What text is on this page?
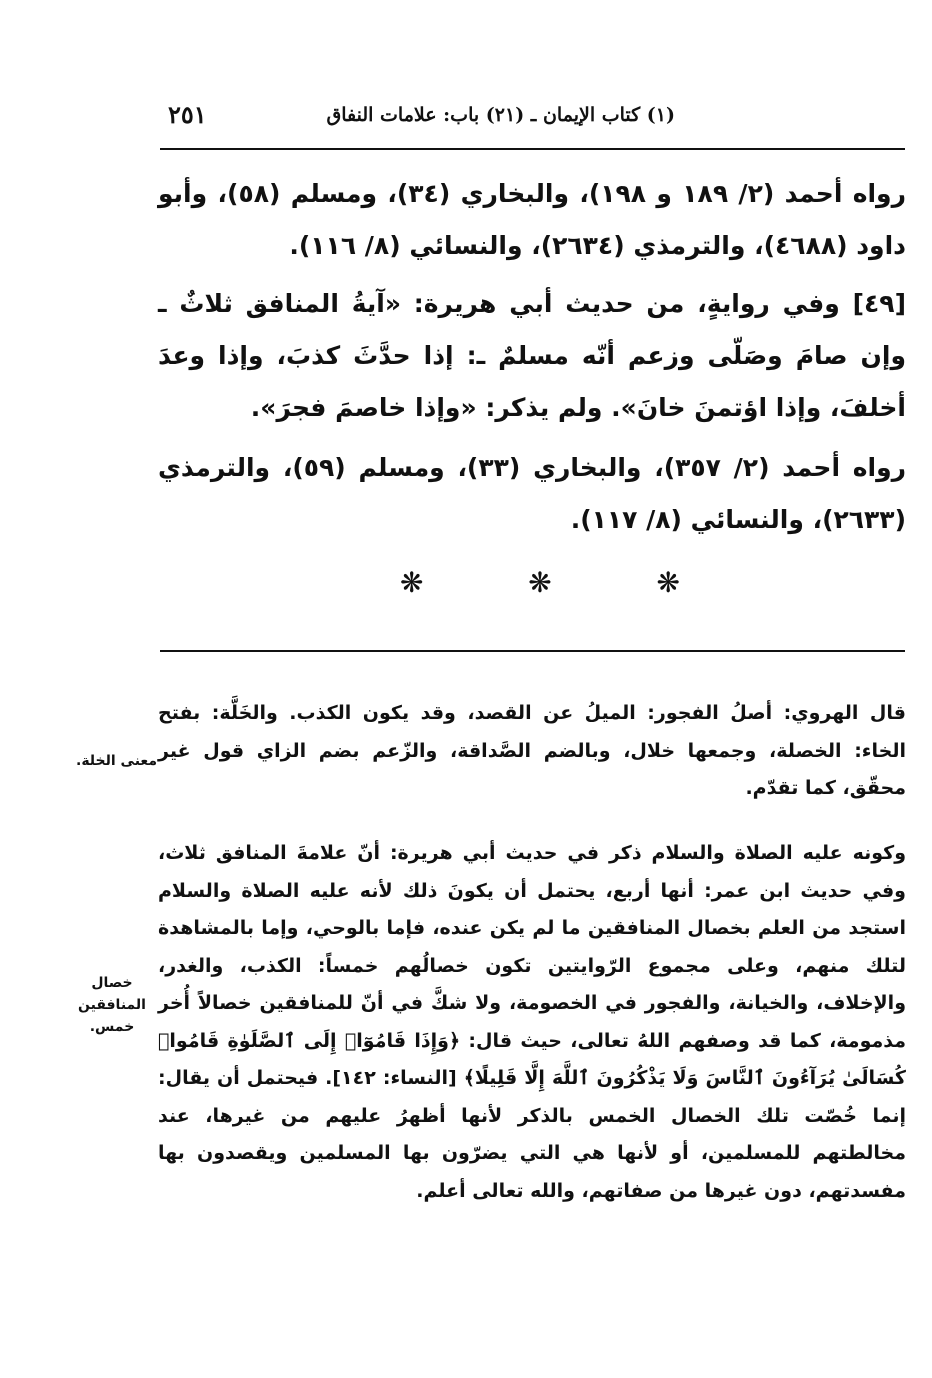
٢٥١	(١) كتاب الإيمان ـ (٢١) باب: علامات النفاق
رواه أحمد (٢/ ١٨٩ و ١٩٨)، والبخاري (٣٤)، ومسلم (٥٨)، وأبو داود (٤٦٨٨)، والترمذي (٢٦٣٤)، والنسائي (٨/ ١١٦).
[٤٩] وفي روايةٍ، من حديث أبي هريرة: «آيةُ المنافق ثلاثٌ ـ وإن صامَ وصَلّى وزعم أنّه مسلمٌ ـ: إذا حدَّثَ كذبَ، وإذا وعدَ أخلفَ، وإذا اؤتمنَ خانَ». ولم يذكر: «وإذا خاصمَ فجرَ».
رواه أحمد (٢/ ٣٥٧)، والبخاري (٣٣)، ومسلم (٥٩)، والترمذي (٢٦٣٣)، والنسائي (٨/ ١١٧).
❋	❋	❋
قال الهروي: أصلُ الفجور: الميلُ عن القصد، وقد يكون الكذب. والخَلَّة: بفتح الخاء: الخصلة، وجمعها خلال، وبالضم الصَّداقة، والزّعم بضم الزاي قول غير محقّق، كما تقدّم.
وكونه عليه الصلاة والسلام ذكر في حديث أبي هريرة: أنّ علامةَ المنافق ثلاث، وفي حديث ابن عمر: أنها أربع، يحتمل أن يكونَ ذلك لأنه عليه الصلاة والسلام استجد من العلم بخصال المنافقين ما لم يكن عنده، فإما بالوحي، وإما بالمشاهدة لتلك منهم، وعلى مجموع الرّوايتين تكون خصالُهم خمساً: الكذب، والغدر، والإخلاف، والخيانة، والفجور في الخصومة، ولا شكَّ في أنّ للمنافقين خصالاً أُخر مذمومة، كما قد وصفهم اللهُ تعالى، حيث قال: ﴿وَإِذَا قَامُوٓا۟ إِلَى ٱلصَّلَوٰةِ قَامُوا۟ كُسَالَىٰ يُرَآءُونَ ٱلنَّاسَ وَلَا يَذْكُرُونَ ٱللَّهَ إِلَّا قَلِيلًا﴾ [النساء: ١٤٢]. فيحتمل أن يقال: إنما خُصّت تلك الخصال الخمس بالذكر لأنها أظهرُ عليهم من غيرها، عند مخالطتهم للمسلمين، أو لأنها هي التي يضرّون بها المسلمين ويقصدون بها مفسدتهم، دون غيرها من صفاتهم، والله تعالى أعلم.
معنى الخلة.
خصال المنافقين خمس.
